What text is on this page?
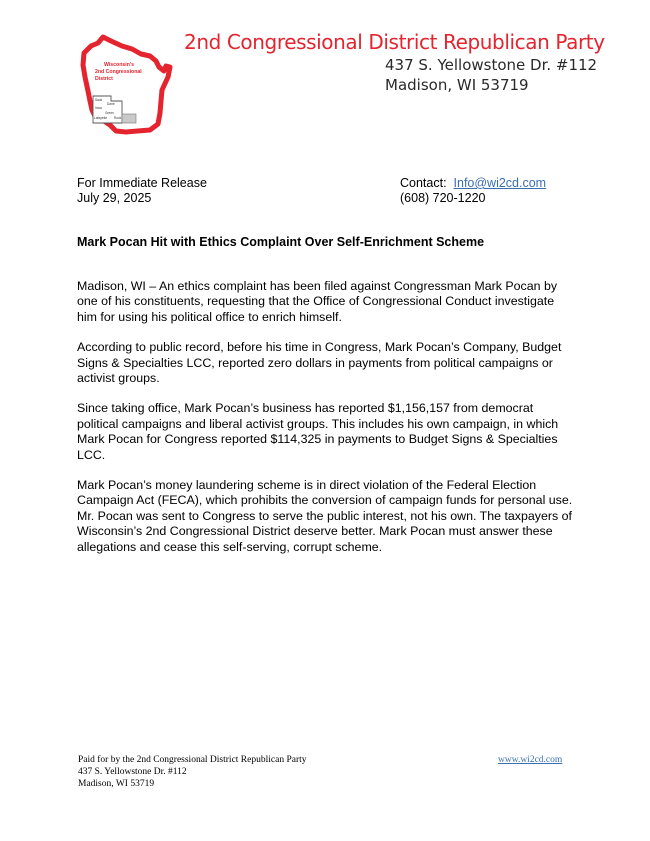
Wisconsin's
2nd Congressional
District
Sauk
Dane
Iowa
Green
Lafayette Rock
2nd Congressional District Republican Party

437 S. Yellowstone Dr. #112

Madison, WI 53719

For Immediate Release
July 29, 2025
Contact: Info@wi2cd.com
(608) 720-1220
Mark Pocan Hit with Ethics Complaint Over Self-Enrichment Scheme

Madison, WI – An ethics complaint has been filed against Congressman Mark Pocan by one of his constituents, requesting that the Office of Congressional Conduct investigate him for using his political office to enrich himself.

According to public record, before his time in Congress, Mark Pocan’s Company, Budget Signs & Specialties LCC, reported zero dollars in payments from political campaigns or activist groups.

Since taking office, Mark Pocan’s business has reported $1,156,157 from democrat political campaigns and liberal activist groups. This includes his own campaign, in which Mark Pocan for Congress reported $114,325 in payments to Budget Signs & Specialties LCC.

Mark Pocan’s money laundering scheme is in direct violation of the Federal Election Campaign Act (FECA), which prohibits the conversion of campaign funds for personal use. Mr. Pocan was sent to Congress to serve the public interest, not his own. The taxpayers of Wisconsin’s 2nd Congressional District deserve better. Mark Pocan must answer these allegations and cease this self-serving, corrupt scheme.

Paid for by the 2nd Congressional District Republican Party
437 S. Yellowstone Dr. #112
Madison, WI 53719
www.wi2cd.com
